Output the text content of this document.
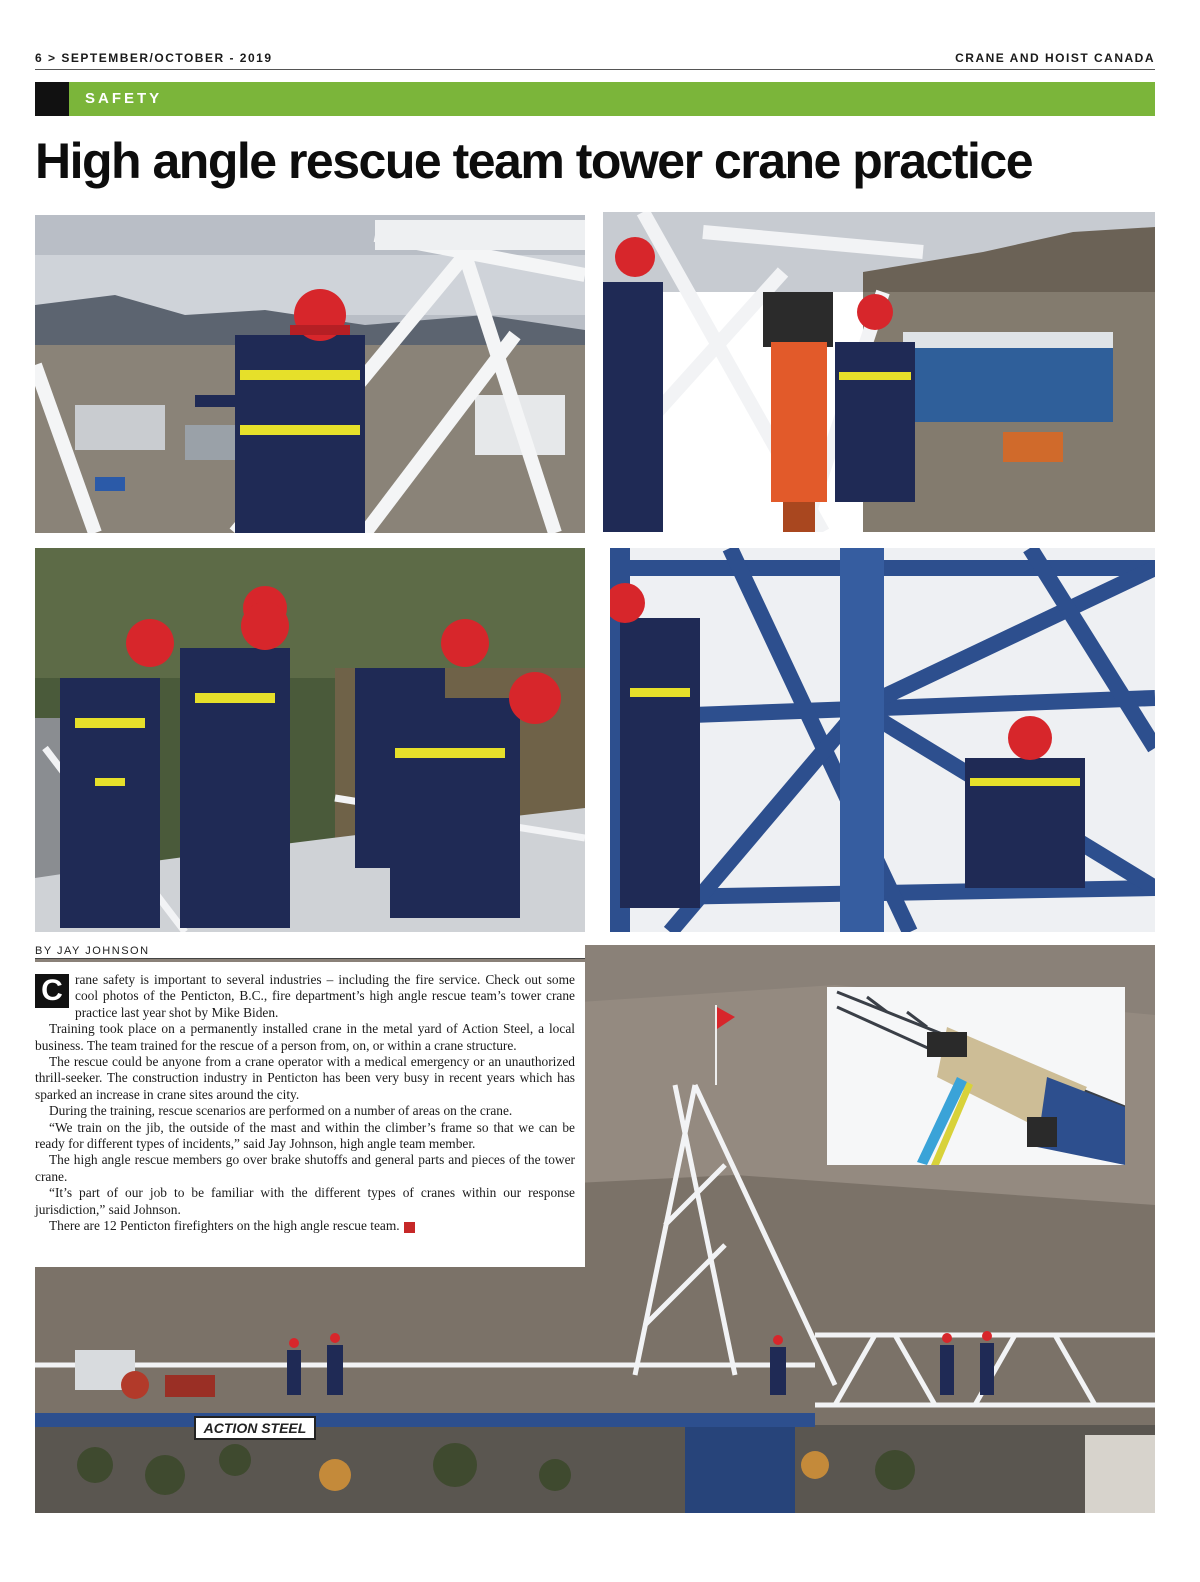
6 > SEPTEMBER/OCTOBER - 2019	CRANE AND HOIST CANADA
SAFETY
High angle rescue team tower crane practice
ACTION STEEL
BY JAY JOHNSON

C rane safety is important to several industries – including the fire service. Check out some cool photos of the Penticton, B.C., fire department’s high angle rescue team’s tower crane practice last year shot by Mike Biden.

Training took place on a permanently installed crane in the metal yard of Action Steel, a local business. The team trained for the rescue of a person from, on, or within a crane structure.

The rescue could be anyone from a crane operator with a medical emergency or an unauthorized thrill-seeker. The construction industry in Penticton has been very busy in recent years which has sparked an increase in crane sites around the city.

During the training, rescue scenarios are performed on a number of areas on the crane.

“We train on the jib, the outside of the mast and within the climber’s frame so that we can be ready for different types of incidents,” said Jay Johnson, high angle team member.

The high angle rescue members go over brake shutoffs and general parts and pieces of the tower crane.

“It’s part of our job to be familiar with the different types of cranes within our response jurisdiction,” said Johnson.

There are 12 Penticton firefighters on the high angle rescue team.
